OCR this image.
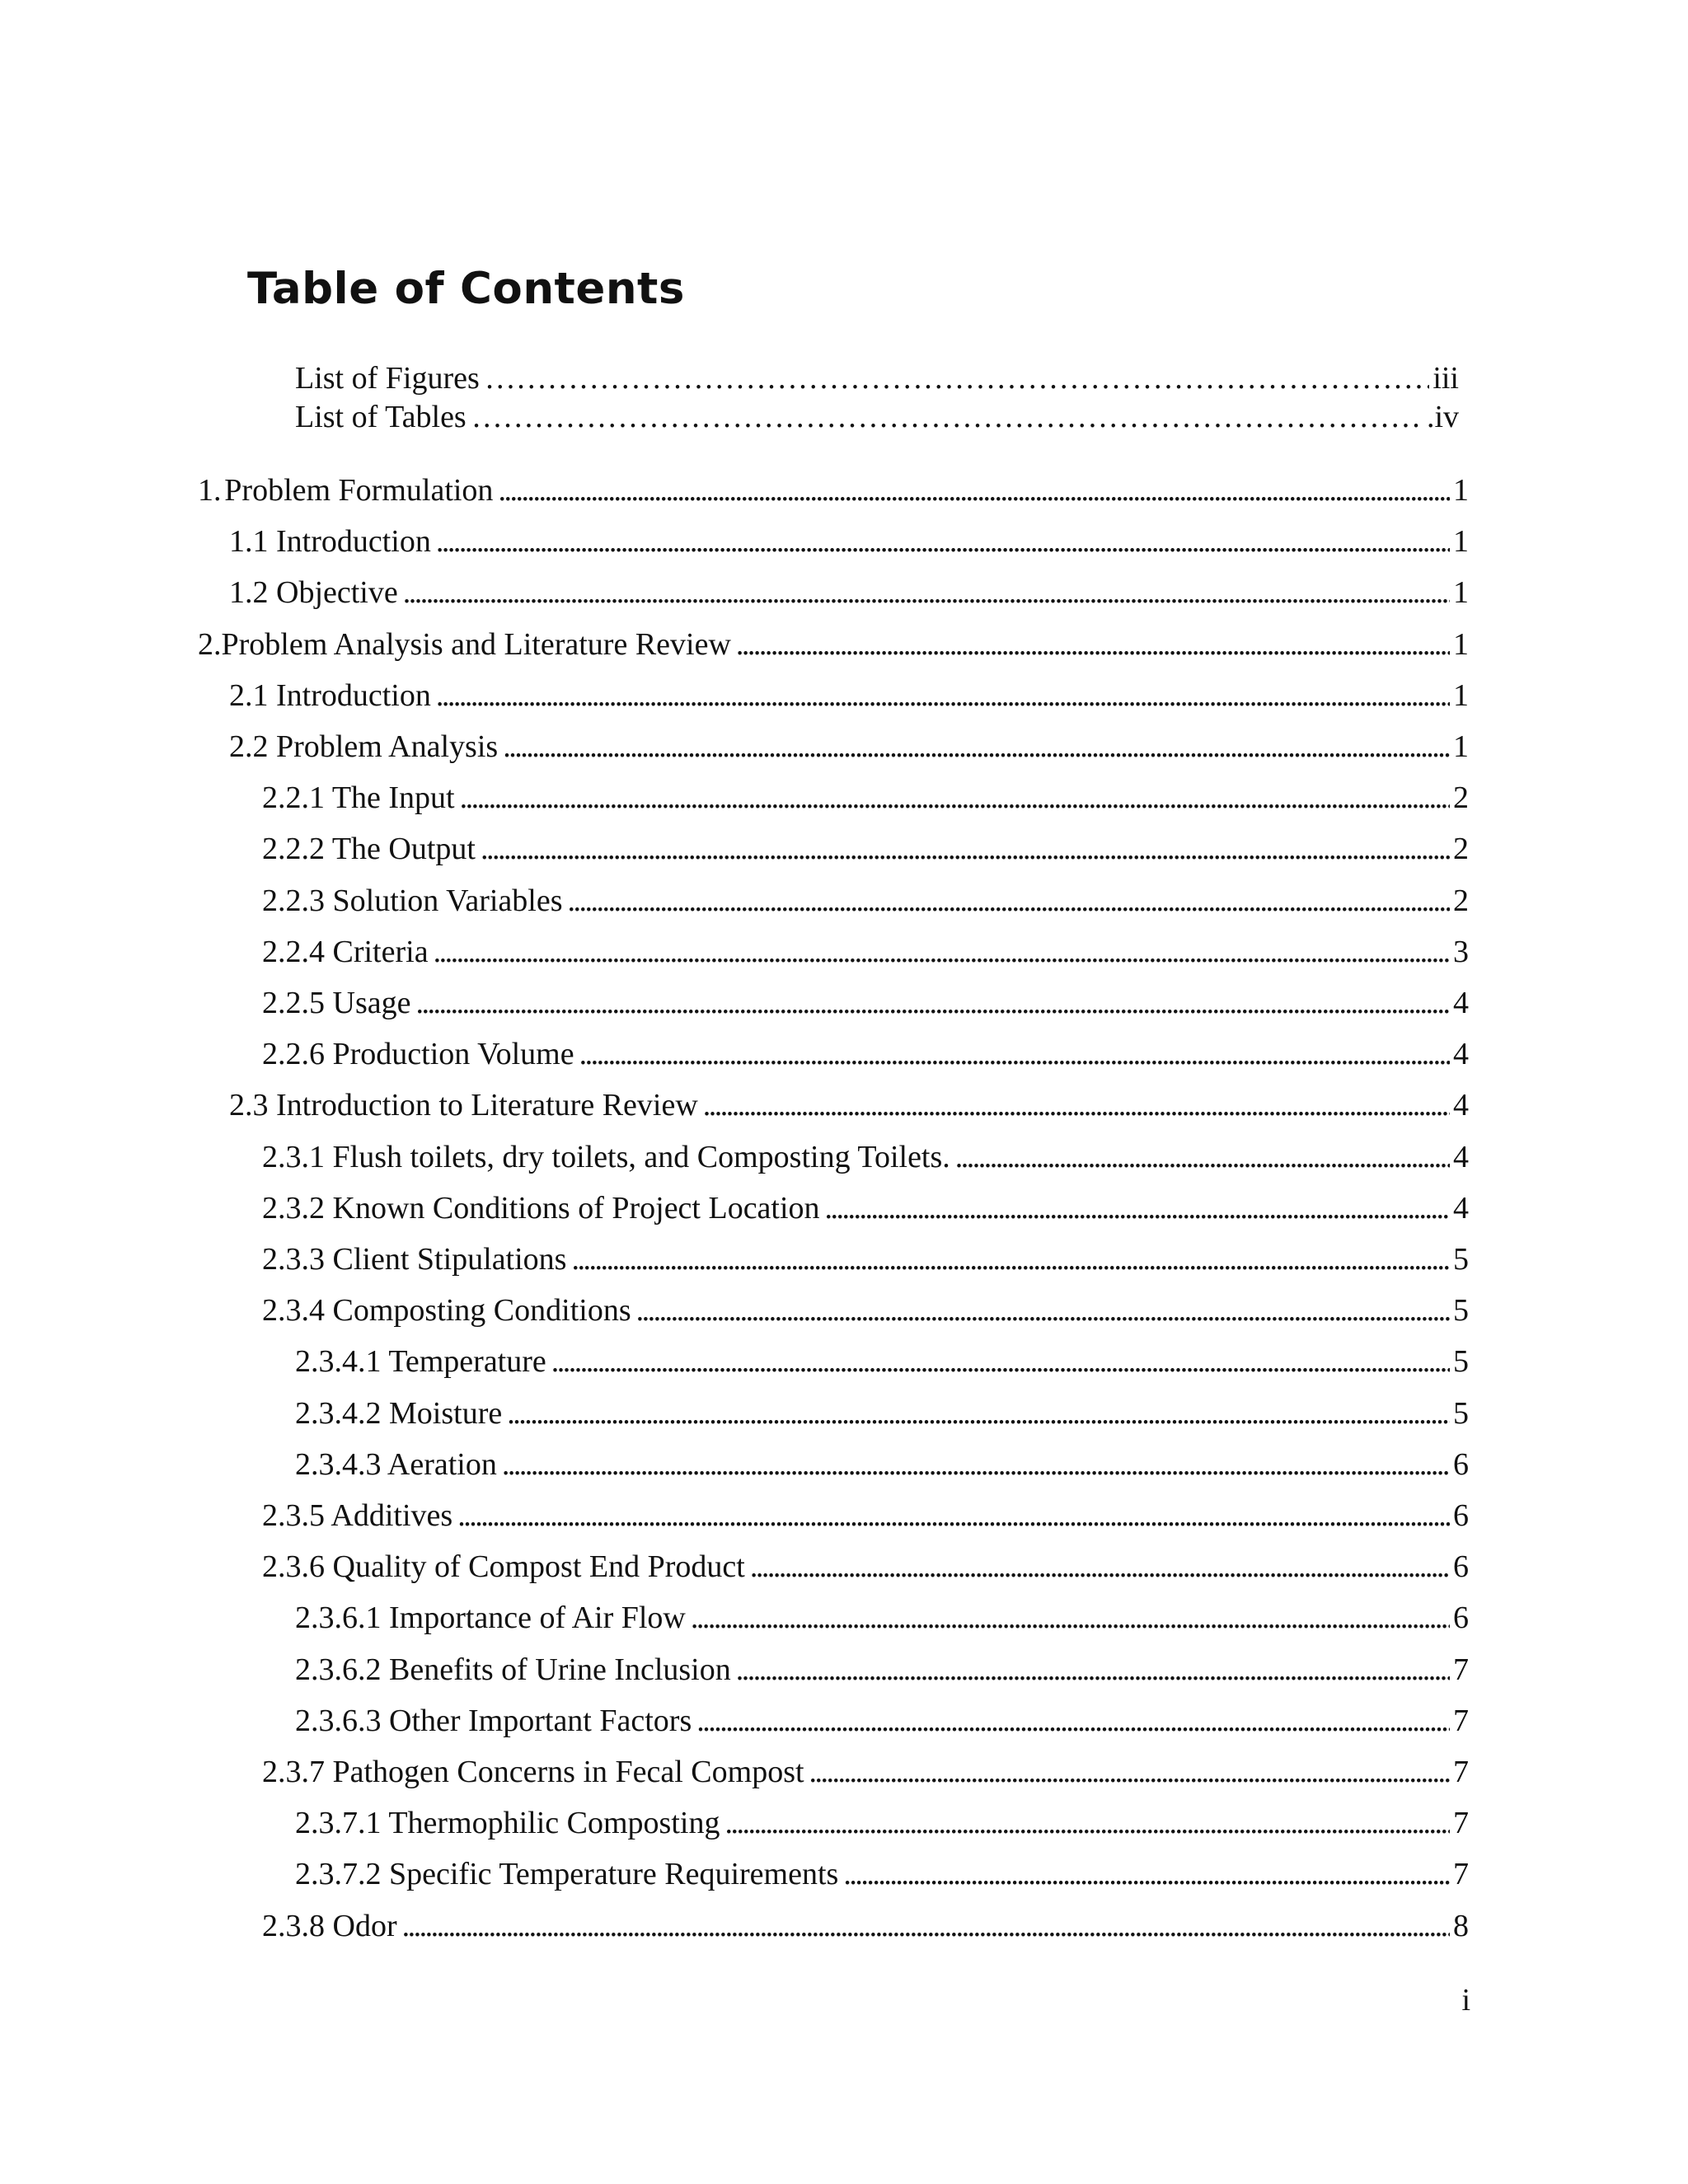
Table of Contents
List of Figures …………………………………………………………………………………………………………………………………………………………………………………………………………………………………………………………………………………………………………	iii
List of Tables …………………………………………………………………………………………………………………………………………………………………………………………………………………………………………………………………………………………………………	.iv
1. Problem Formulation . . .	1
1.1 Introduction . . .	1
1.2 Objective . . .	1
2. Problem Analysis and Literature Review . . .	1
2.1 Introduction . . .	1
2.2 Problem Analysis . . .	1
2.2.1 The Input . . .	2
2.2.2 The Output . . .	2
2.2.3 Solution Variables . . .	2
2.2.4 Criteria . . .	3
2.2.5 Usage . . .	4
2.2.6 Production Volume . . .	4
2.3 Introduction to Literature Review . . .	4
2.3.1 Flush toilets, dry toilets, and Composting Toilets. . . .	4
2.3.2 Known Conditions of Project Location . . .	4
2.3.3 Client Stipulations . . .	5
2.3.4 Composting Conditions . . .	5
2.3.4.1 Temperature . . .	5
2.3.4.2 Moisture . . .	5
2.3.4.3 Aeration . . .	6
2.3.5 Additives . . .	6
2.3.6 Quality of Compost End Product . . .	6
2.3.6.1 Importance of Air Flow . . .	6
2.3.6.2 Benefits of Urine Inclusion . . .	7
2.3.6.3 Other Important Factors . . .	7
2.3.7 Pathogen Concerns in Fecal Compost . . .	7
2.3.7.1 Thermophilic Composting . . .	7
2.3.7.2 Specific Temperature Requirements . . .	7
2.3.8 Odor . . .	8
i
